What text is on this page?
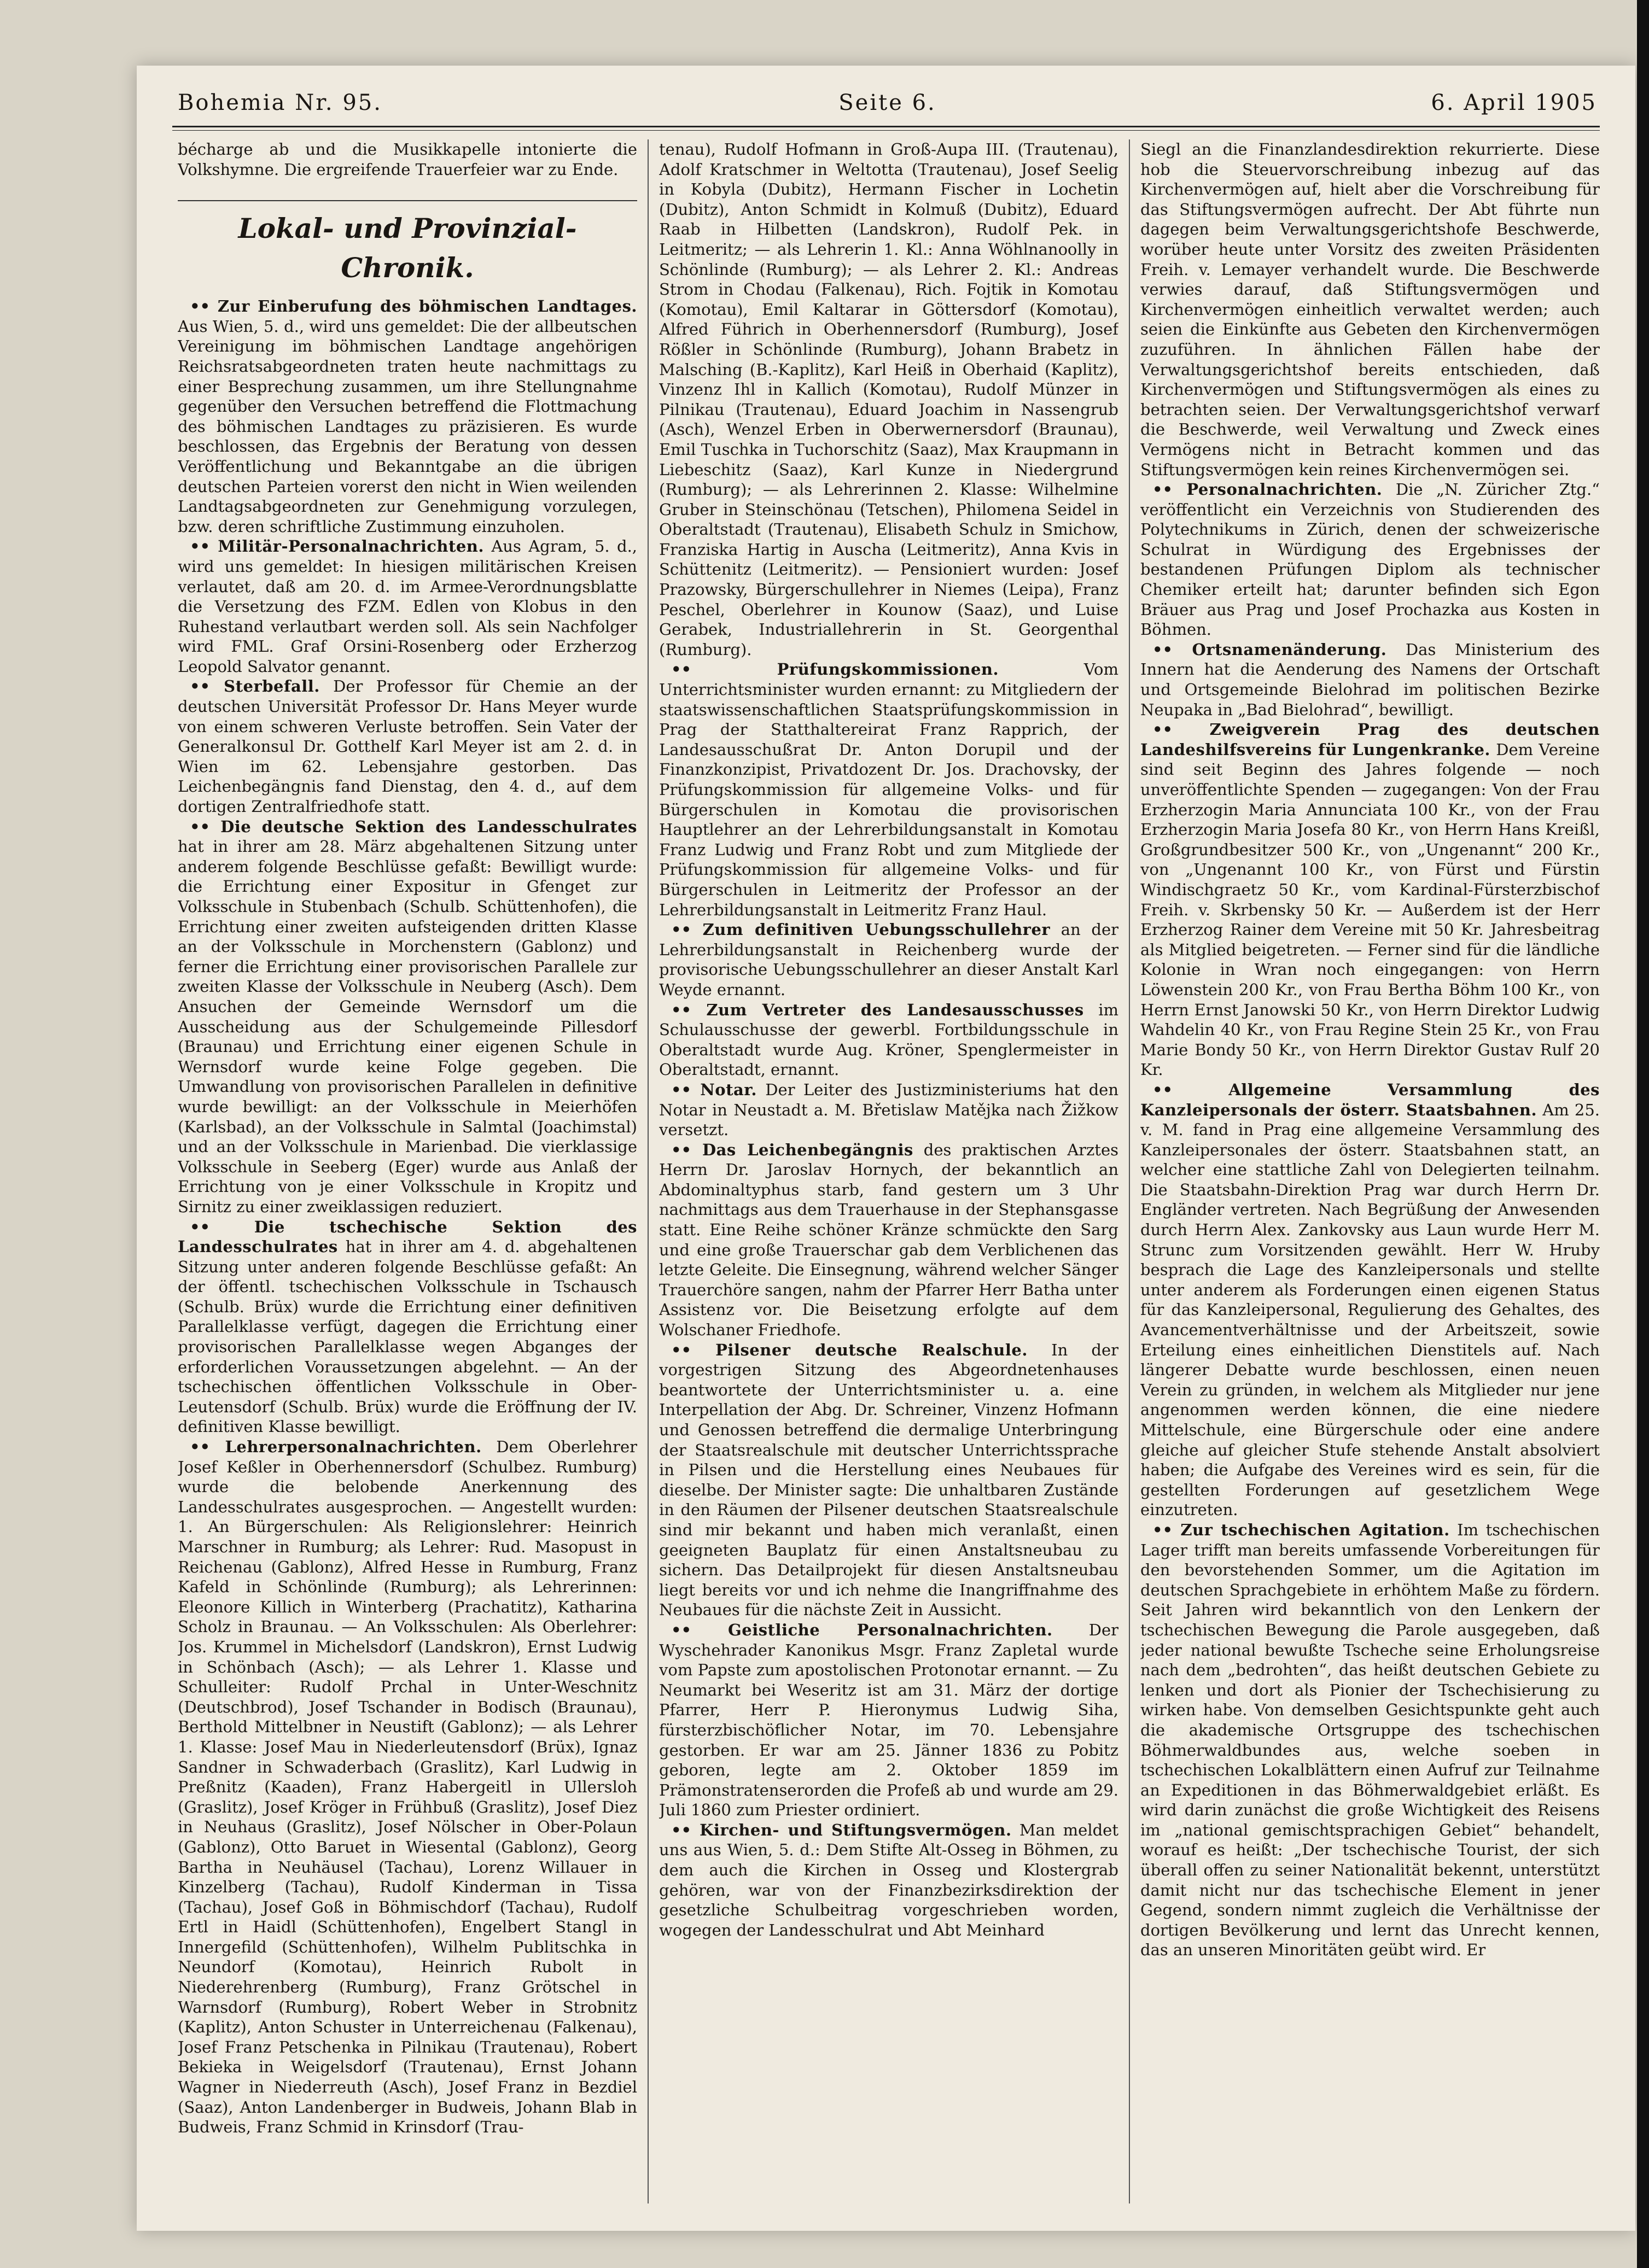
Bohemia Nr. 95.	Seite 6.	6. April 1905

bécharge ab und die Musikkapelle intonierte die Volkshymne. Die ergreifende Trauerfeier war zu Ende.

Lokal- und Provinzial-Chronik.

•• Zur Einberufung des böhmischen Landtages. Aus Wien, 5. d., wird uns gemeldet: Die der allbeutschen Vereinigung im böhmischen Landtage angehörigen Reichsratsabgeordneten traten heute nachmittags zu einer Besprechung zusammen, um ihre Stellungnahme gegenüber den Versuchen betreffend die Flottmachung des böhmischen Landtages zu präzisieren. Es wurde beschlossen, das Ergebnis der Beratung von dessen Veröffentlichung und Bekanntgabe an die übrigen deutschen Parteien vorerst den nicht in Wien weilenden Landtagsabgeordneten zur Genehmigung vorzulegen, bzw. deren schriftliche Zustimmung einzuholen.

•• Militär-Personalnachrichten. Aus Agram, 5. d., wird uns gemeldet: In hiesigen militärischen Kreisen verlautet, daß am 20. d. im Armee-Verordnungsblatte die Versetzung des FZM. Edlen von Klobus in den Ruhestand verlautbart werden soll. Als sein Nachfolger wird FML. Graf Orsini-Rosenberg oder Erzherzog Leopold Salvator genannt.

•• Sterbefall. Der Professor für Chemie an der deutschen Universität Professor Dr. Hans Meyer wurde von einem schweren Verluste betroffen. Sein Vater der Generalkonsul Dr. Gotthelf Karl Meyer ist am 2. d. in Wien im 62. Lebensjahre gestorben. Das Leichenbegängnis fand Dienstag, den 4. d., auf dem dortigen Zentralfriedhofe statt.

•• Die deutsche Sektion des Landesschulrates hat in ihrer am 28. März abgehaltenen Sitzung unter anderem folgende Beschlüsse gefaßt: Bewilligt wurde: die Errichtung einer Expositur in Gfenget zur Volksschule in Stubenbach (Schulb. Schüttenhofen), die Errichtung einer zweiten aufsteigenden dritten Klasse an der Volksschule in Morchenstern (Gablonz) und ferner die Errichtung einer provisorischen Parallele zur zweiten Klasse der Volksschule in Neuberg (Asch). Dem Ansuchen der Gemeinde Wernsdorf um die Ausscheidung aus der Schulgemeinde Pillesdorf (Braunau) und Errichtung einer eigenen Schule in Wernsdorf wurde keine Folge gegeben. Die Umwandlung von provisorischen Parallelen in definitive wurde bewilligt: an der Volksschule in Meierhöfen (Karlsbad), an der Volksschule in Salmtal (Joachimstal) und an der Volksschule in Marienbad. Die vierklassige Volksschule in Seeberg (Eger) wurde aus Anlaß der Errichtung von je einer Volksschule in Kropitz und Sirnitz zu einer zweiklassigen reduziert.

•• Die tschechische Sektion des Landesschulrates hat in ihrer am 4. d. abgehaltenen Sitzung unter anderen folgende Beschlüsse gefaßt: An der öffentl. tschechischen Volksschule in Tschausch (Schulb. Brüx) wurde die Errichtung einer definitiven Parallelklasse verfügt, dagegen die Errichtung einer provisorischen Parallelklasse wegen Abganges der erforderlichen Voraussetzungen abgelehnt. — An der tschechischen öffentlichen Volksschule in Ober-Leutensdorf (Schulb. Brüx) wurde die Eröffnung der IV. definitiven Klasse bewilligt.

•• Lehrerpersonalnachrichten. Dem Oberlehrer Josef Keßler in Oberhennersdorf (Schulbez. Rumburg) wurde die belobende Anerkennung des Landesschulrates ausgesprochen. — Angestellt wurden: 1. An Bürgerschulen: Als Religionslehrer: Heinrich Marschner in Rumburg; als Lehrer: Rud. Masopust in Reichenau (Gablonz), Alfred Hesse in Rumburg, Franz Kafeld in Schönlinde (Rumburg); als Lehrerinnen: Eleonore Killich in Winterberg (Prachatitz), Katharina Scholz in Braunau. — An Volksschulen: Als Oberlehrer: Jos. Krummel in Michelsdorf (Landskron), Ernst Ludwig in Schönbach (Asch); — als Lehrer 1. Klasse und Schulleiter: Rudolf Prchal in Unter-Weschnitz (Deutschbrod), Josef Tschander in Bodisch (Braunau), Berthold Mittelbner in Neustift (Gablonz); — als Lehrer 1. Klasse: Josef Mau in Niederleutensdorf (Brüx), Ignaz Sandner in Schwaderbach (Graslitz), Karl Ludwig in Preßnitz (Kaaden), Franz Habergeitl in Ullersloh (Graslitz), Josef Kröger in Frühbuß (Graslitz), Josef Diez in Neuhaus (Graslitz), Josef Nölscher in Ober-Polaun (Gablonz), Otto Baruet in Wiesental (Gablonz), Georg Bartha in Neuhäusel (Tachau), Lorenz Willauer in Kinzelberg (Tachau), Rudolf Kinderman in Tissa (Tachau), Josef Goß in Böhmischdorf (Tachau), Rudolf Ertl in Haidl (Schüttenhofen), Engelbert Stangl in Innergefild (Schüttenhofen), Wilhelm Publitschka in Neundorf (Komotau), Heinrich Rubolt in Niederehrenberg (Rumburg), Franz Grötschel in Warnsdorf (Rumburg), Robert Weber in Strobnitz (Kaplitz), Anton Schuster in Unterreichenau (Falkenau), Josef Franz Petschenka in Pilnikau (Trautenau), Robert Bekieka in Weigelsdorf (Trautenau), Ernst Johann Wagner in Niederreuth (Asch), Josef Franz in Bezdiel (Saaz), Anton Landenberger in Budweis, Johann Blab in Budweis, Franz Schmid in Krinsdorf (Trau-

tenau), Rudolf Hofmann in Groß-Aupa III. (Trautenau), Adolf Kratschmer in Weltotta (Trautenau), Josef Seelig in Kobyla (Dubitz), Hermann Fischer in Lochetin (Dubitz), Anton Schmidt in Kolmuß (Dubitz), Eduard Raab in Hilbetten (Landskron), Rudolf Pek. in Leitmeritz; — als Lehrerin 1. Kl.: Anna Wöhlnanoolly in Schönlinde (Rumburg); — als Lehrer 2. Kl.: Andreas Strom in Chodau (Falkenau), Rich. Fojtik in Komotau (Komotau), Emil Kaltarar in Göttersdorf (Komotau), Alfred Führich in Oberhennersdorf (Rumburg), Josef Rößler in Schönlinde (Rumburg), Johann Brabetz in Malsching (B.-Kaplitz), Karl Heiß in Oberhaid (Kaplitz), Vinzenz Ihl in Kallich (Komotau), Rudolf Münzer in Pilnikau (Trautenau), Eduard Joachim in Nassengrub (Asch), Wenzel Erben in Oberwernersdorf (Braunau), Emil Tuschka in Tuchorschitz (Saaz), Max Kraupmann in Liebeschitz (Saaz), Karl Kunze in Niedergrund (Rumburg); — als Lehrerinnen 2. Klasse: Wilhelmine Gruber in Steinschönau (Tetschen), Philomena Seidel in Oberaltstadt (Trautenau), Elisabeth Schulz in Smichow, Franziska Hartig in Auscha (Leitmeritz), Anna Kvis in Schüttenitz (Leitmeritz). — Pensioniert wurden: Josef Prazowsky, Bürgerschullehrer in Niemes (Leipa), Franz Peschel, Oberlehrer in Kounow (Saaz), und Luise Gerabek, Industriallehrerin in St. Georgenthal (Rumburg).

•• Prüfungskommissionen. Vom Unterrichtsminister wurden ernannt: zu Mitgliedern der staatswissenschaftlichen Staatsprüfungskommission in Prag der Statthaltereirat Franz Rapprich, der Landesausschußrat Dr. Anton Dorupil und der Finanzkonzipist, Privatdozent Dr. Jos. Drachovsky, der Prüfungskommission für allgemeine Volks- und für Bürgerschulen in Komotau die provisorischen Hauptlehrer an der Lehrerbildungsanstalt in Komotau Franz Ludwig und Franz Robt und zum Mitgliede der Prüfungskommission für allgemeine Volks- und für Bürgerschulen in Leitmeritz der Professor an der Lehrerbildungsanstalt in Leitmeritz Franz Haul.

•• Zum definitiven Uebungsschullehrer an der Lehrerbildungsanstalt in Reichenberg wurde der provisorische Uebungsschullehrer an dieser Anstalt Karl Weyde ernannt.

•• Zum Vertreter des Landesausschusses im Schulausschusse der gewerbl. Fortbildungsschule in Oberaltstadt wurde Aug. Kröner, Spenglermeister in Oberaltstadt, ernannt.

•• Notar. Der Leiter des Justizministeriums hat den Notar in Neustadt a. M. Břetislaw Matějka nach Žižkow versetzt.

•• Das Leichenbegängnis des praktischen Arztes Herrn Dr. Jaroslav Hornych, der bekanntlich an Abdominaltyphus starb, fand gestern um 3 Uhr nachmittags aus dem Trauerhause in der Stephansgasse statt. Eine Reihe schöner Kränze schmückte den Sarg und eine große Trauerschar gab dem Verblichenen das letzte Geleite. Die Einsegnung, während welcher Sänger Trauerchöre sangen, nahm der Pfarrer Herr Batha unter Assistenz vor. Die Beisetzung erfolgte auf dem Wolschaner Friedhofe.

•• Pilsener deutsche Realschule. In der vorgestrigen Sitzung des Abgeordnetenhauses beantwortete der Unterrichtsminister u. a. eine Interpellation der Abg. Dr. Schreiner, Vinzenz Hofmann und Genossen betreffend die dermalige Unterbringung der Staatsrealschule mit deutscher Unterrichtssprache in Pilsen und die Herstellung eines Neubaues für dieselbe. Der Minister sagte: Die unhaltbaren Zustände in den Räumen der Pilsener deutschen Staatsrealschule sind mir bekannt und haben mich veranlaßt, einen geeigneten Bauplatz für einen Anstaltsneubau zu sichern. Das Detailprojekt für diesen Anstaltsneubau liegt bereits vor und ich nehme die Inangriffnahme des Neubaues für die nächste Zeit in Aussicht.

•• Geistliche Personalnachrichten. Der Wyschehrader Kanonikus Msgr. Franz Zapletal wurde vom Papste zum apostolischen Protonotar ernannt. — Zu Neumarkt bei Weseritz ist am 31. März der dortige Pfarrer, Herr P. Hieronymus Ludwig Siha, fürsterzbischöflicher Notar, im 70. Lebensjahre gestorben. Er war am 25. Jänner 1836 zu Pobitz geboren, legte am 2. Oktober 1859 im Prämonstratenserorden die Profeß ab und wurde am 29. Juli 1860 zum Priester ordiniert.

•• Kirchen- und Stiftungsvermögen. Man meldet uns aus Wien, 5. d.: Dem Stifte Alt-Osseg in Böhmen, zu dem auch die Kirchen in Osseg und Klostergrab gehören, war von der Finanzbezirksdirektion der gesetzliche Schulbeitrag vorgeschrieben worden, wogegen der Landesschulrat und Abt Meinhard

Siegl an die Finanzlandesdirektion rekurrierte. Diese hob die Steuervorschreibung inbezug auf das Kirchenvermögen auf, hielt aber die Vorschreibung für das Stiftungsvermögen aufrecht. Der Abt führte nun dagegen beim Verwaltungsgerichtshofe Beschwerde, worüber heute unter Vorsitz des zweiten Präsidenten Freih. v. Lemayer verhandelt wurde. Die Beschwerde verwies darauf, daß Stiftungsvermögen und Kirchenvermögen einheitlich verwaltet werden; auch seien die Einkünfte aus Gebeten den Kirchenvermögen zuzuführen. In ähnlichen Fällen habe der Verwaltungsgerichtshof bereits entschieden, daß Kirchenvermögen und Stiftungsvermögen als eines zu betrachten seien. Der Verwaltungsgerichtshof verwarf die Beschwerde, weil Verwaltung und Zweck eines Vermögens nicht in Betracht kommen und das Stiftungsvermögen kein reines Kirchenvermögen sei.

•• Personalnachrichten. Die „N. Züricher Ztg.“ veröffentlicht ein Verzeichnis von Studierenden des Polytechnikums in Zürich, denen der schweizerische Schulrat in Würdigung des Ergebnisses der bestandenen Prüfungen Diplom als technischer Chemiker erteilt hat; darunter befinden sich Egon Bräuer aus Prag und Josef Prochazka aus Kosten in Böhmen.

•• Ortsnamenänderung. Das Ministerium des Innern hat die Aenderung des Namens der Ortschaft und Ortsgemeinde Bielohrad im politischen Bezirke Neupaka in „Bad Bielohrad“, bewilligt.

•• Zweigverein Prag des deutschen Landeshilfsvereins für Lungenkranke. Dem Vereine sind seit Beginn des Jahres folgende — noch unveröffentlichte Spenden — zugegangen: Von der Frau Erzherzogin Maria Annunciata 100 Kr., von der Frau Erzherzogin Maria Josefa 80 Kr., von Herrn Hans Kreißl, Großgrundbesitzer 500 Kr., von „Ungenannt“ 200 Kr., von „Ungenannt 100 Kr., von Fürst und Fürstin Windischgraetz 50 Kr., vom Kardinal-Fürsterzbischof Freih. v. Skrbensky 50 Kr. — Außerdem ist der Herr Erzherzog Rainer dem Vereine mit 50 Kr. Jahresbeitrag als Mitglied beigetreten. — Ferner sind für die ländliche Kolonie in Wran noch eingegangen: von Herrn Löwenstein 200 Kr., von Frau Bertha Böhm 100 Kr., von Herrn Ernst Janowski 50 Kr., von Herrn Direktor Ludwig Wahdelin 40 Kr., von Frau Regine Stein 25 Kr., von Frau Marie Bondy 50 Kr., von Herrn Direktor Gustav Rulf 20 Kr.

•• Allgemeine Versammlung des Kanzleipersonals der österr. Staatsbahnen. Am 25. v. M. fand in Prag eine allgemeine Versammlung des Kanzleipersonales der österr. Staatsbahnen statt, an welcher eine stattliche Zahl von Delegierten teilnahm. Die Staatsbahn-Direktion Prag war durch Herrn Dr. Engländer vertreten. Nach Begrüßung der Anwesenden durch Herrn Alex. Zankovsky aus Laun wurde Herr M. Strunc zum Vorsitzenden gewählt. Herr W. Hruby besprach die Lage des Kanzleipersonals und stellte unter anderem als Forderungen einen eigenen Status für das Kanzleipersonal, Regulierung des Gehaltes, des Avancementverhältnisse und der Arbeitszeit, sowie Erteilung eines einheitlichen Dienstitels auf. Nach längerer Debatte wurde beschlossen, einen neuen Verein zu gründen, in welchem als Mitglieder nur jene angenommen werden können, die eine niedere Mittelschule, eine Bürgerschule oder eine andere gleiche auf gleicher Stufe stehende Anstalt absolviert haben; die Aufgabe des Vereines wird es sein, für die gestellten Forderungen auf gesetzlichem Wege einzutreten.

•• Zur tschechischen Agitation. Im tschechischen Lager trifft man bereits umfassende Vorbereitungen für den bevorstehenden Sommer, um die Agitation im deutschen Sprachgebiete in erhöhtem Maße zu fördern. Seit Jahren wird bekanntlich von den Lenkern der tschechischen Bewegung die Parole ausgegeben, daß jeder national bewußte Tscheche seine Erholungsreise nach dem „bedrohten“, das heißt deutschen Gebiete zu lenken und dort als Pionier der Tschechisierung zu wirken habe. Von demselben Gesichtspunkte geht auch die akademische Ortsgruppe des tschechischen Böhmerwaldbundes aus, welche soeben in tschechischen Lokalblättern einen Aufruf zur Teilnahme an Expeditionen in das Böhmerwaldgebiet erläßt. Es wird darin zunächst die große Wichtigkeit des Reisens im „national gemischtsprachigen Gebiet“ behandelt, worauf es heißt: „Der tschechische Tourist, der sich überall offen zu seiner Nationalität bekennt, unterstützt damit nicht nur das tschechische Element in jener Gegend, sondern nimmt zugleich die Verhältnisse der dortigen Bevölkerung und lernt das Unrecht kennen, das an unseren Minoritäten geübt wird. Er
